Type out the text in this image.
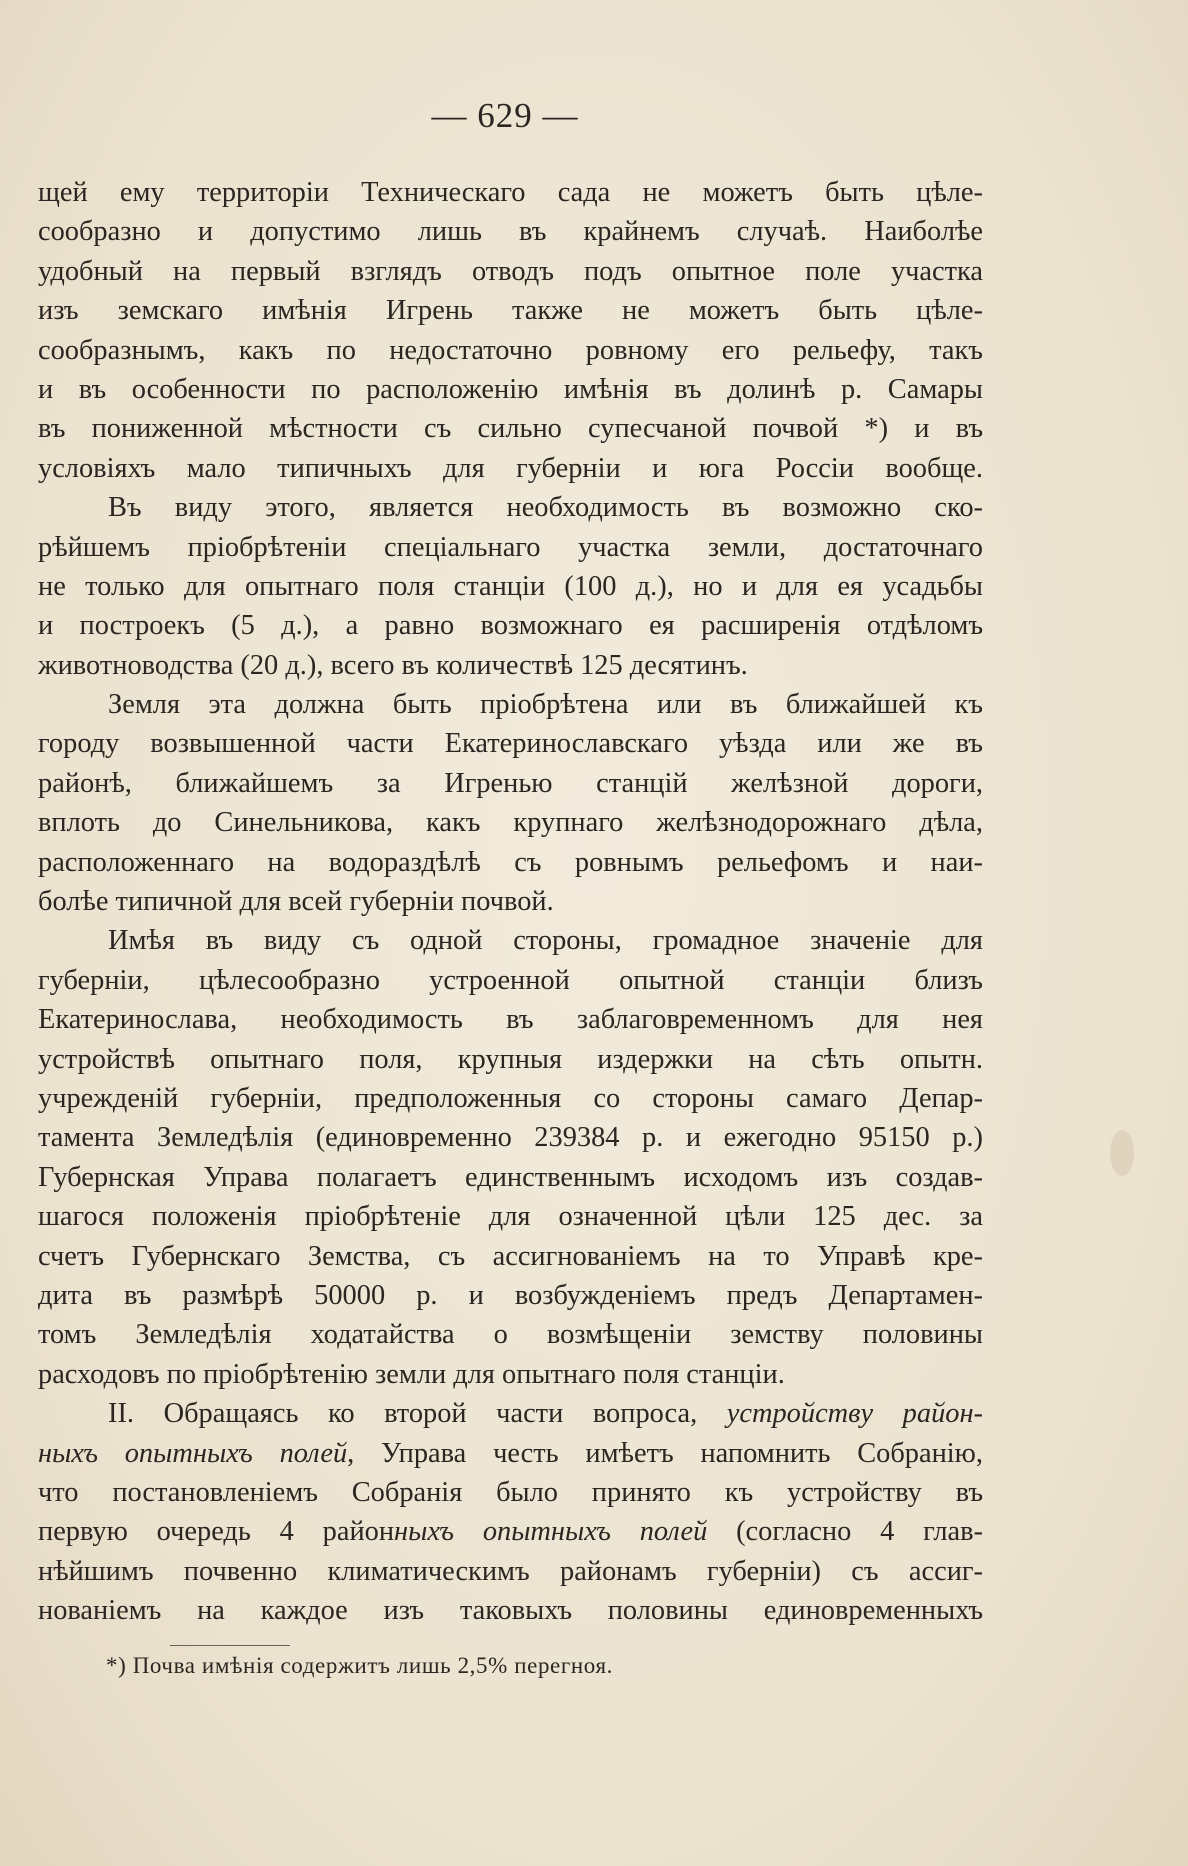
— 629 —
щей ему территоріи Техническаго сада не можетъ быть цѣле-
сообразно и допустимо лишь въ крайнемъ случаѣ. Наиболѣе
удобный на первый взглядъ отводъ подъ опытное поле участка
изъ земскаго имѣнія Игрень также не можетъ быть цѣле-
сообразнымъ, какъ по недостаточно ровному его рельефу, такъ
и въ особенности по расположенію имѣнія въ долинѣ р. Самары
въ пониженной мѣстности съ сильно супесчаной почвой *) и въ
условіяхъ мало типичныхъ для губерніи и юга Россіи вообще.
Въ виду этого, является необходимость въ возможно ско-
рѣйшемъ пріобрѣтеніи спеціальнаго участка земли, достаточнаго
не только для опытнаго поля станціи (100 д.), но и для ея усадьбы
и построекъ (5 д.), а равно возможнаго ея расширенія отдѣломъ
животноводства (20 д.), всего въ количествѣ 125 десятинъ.
Земля эта должна быть пріобрѣтена или въ ближайшей къ
городу возвышенной части Екатеринославскаго уѣзда или же въ
районѣ, ближайшемъ за Игренью станцій желѣзной дороги,
вплоть до Синельникова, какъ крупнаго желѣзнодорожнаго дѣла,
расположеннаго на водораздѣлѣ съ ровнымъ рельефомъ и наи-
болѣе типичной для всей губерніи почвой.
Имѣя въ виду съ одной стороны, громадное значеніе для
губерніи, цѣлесообразно устроенной опытной станціи близъ
Екатеринослава, необходимость въ заблаговременномъ для нея
устройствѣ опытнаго поля, крупныя издержки на сѣть опытн.
учрежденій губерніи, предположенныя со стороны самаго Депар-
тамента Земледѣлія (единовременно 239384 р. и ежегодно 95150 р.)
Губернская Управа полагаетъ единственнымъ исходомъ изъ создав-
шагося положенія пріобрѣтеніе для означенной цѣли 125 дес. за
счетъ Губернскаго Земства, съ ассигнованіемъ на то Управѣ кре-
дита въ размѣрѣ 50000 р. и возбужденіемъ предъ Департамен-
томъ Земледѣлія ходатайства о возмѣщеніи земству половины
расходовъ по пріобрѣтенію земли для опытнаго поля станціи.
II. Обращаясь ко второй части вопроса, устройству район-
ныхъ опытныхъ полей, Управа честь имѣетъ напомнить Собранію,
что постановленіемъ Собранія было принято къ устройству въ
первую очередь 4 районныхъ опытныхъ полей (согласно 4 глав-
нѣйшимъ почвенно климатическимъ районамъ губерніи) съ ассиг-
нованіемъ на каждое изъ таковыхъ половины единовременныхъ
*) Почва имѣнія содержитъ лишь 2,5% перегноя.
